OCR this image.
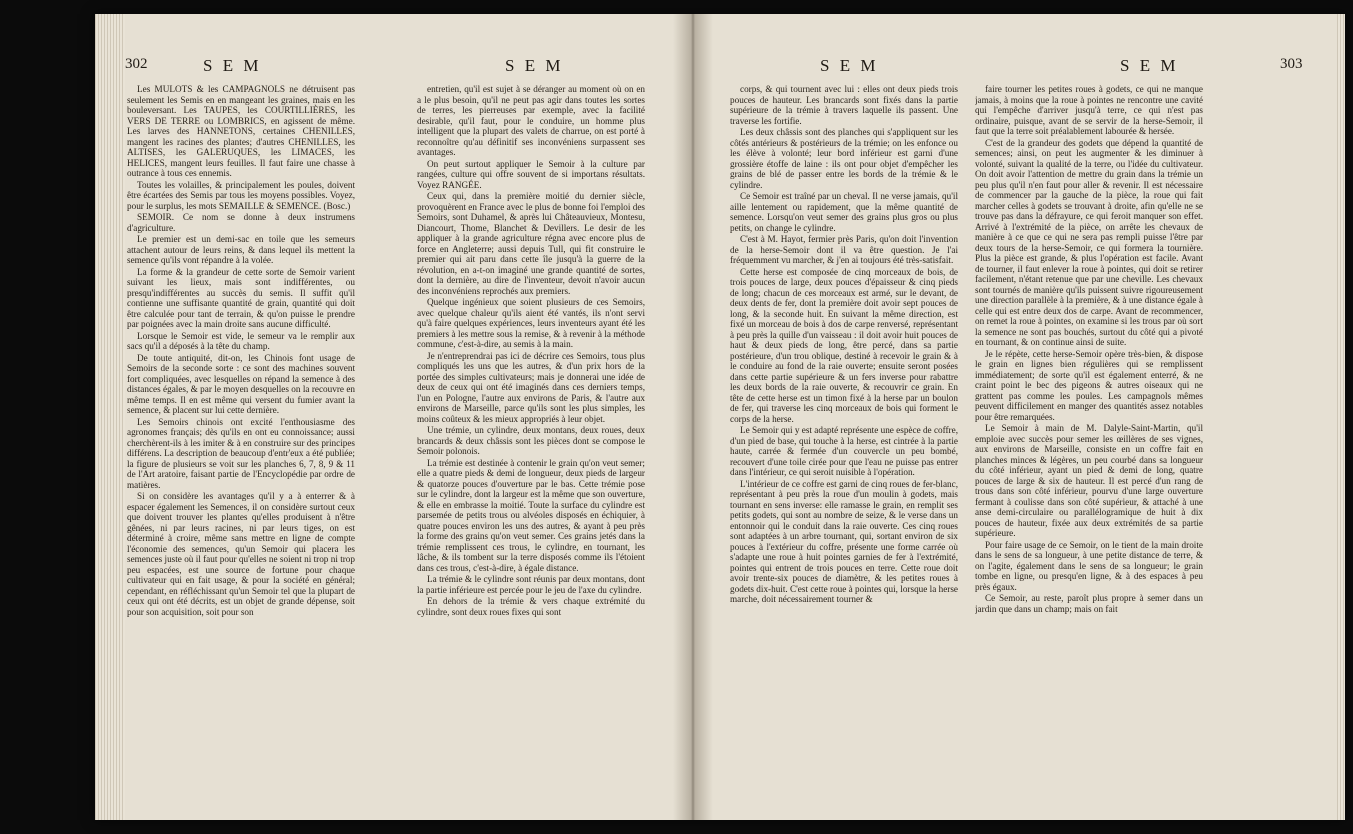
302	S E M	S E M

Les MULOTS & les CAMPAGNOLS ne détruisent pas seulement les Semis en en mangeant les graines, mais en les bouleversant. Les TAUPES, les COURTILLIÈRES, les VERS DE TERRE ou LOMBRICS, en agissent de même. Les larves des HANNETONS, certaines CHENILLES, mangent les racines des plantes; d'autres CHENILLES, les ALTISES, les GALERUQUES, les LIMACES, les HELICES, mangent leurs feuilles. Il faut faire une chasse à outrance à tous ces ennemis.

Toutes les volailles, & principalement les poules, doivent être écartées des Semis par tous les moyens possibles. Voyez, pour le surplus, les mots SEMAILLE & SEMENCE. (Bosc.)

SEMOIR. Ce nom se donne à deux instrumens d'agriculture.

Le premier est un demi-sac en toile que les semeurs attachent autour de leurs reins, & dans lequel ils mettent la semence qu'ils vont répandre à la volée.

La forme & la grandeur de cette sorte de Semoir varient suivant les lieux, mais sont indifférentes, ou presqu'indifférentes au succès du semis. Il suffit qu'il contienne une suffisante quantité de grain, quantité qui doit être calculée pour tant de terrain, & qu'on puisse le prendre par poignées avec la main droite sans aucune difficulté.

Lorsque le Semoir est vide, le semeur va le remplir aux sacs qu'il a déposés à la tête du champ.

De toute antiquité, dit-on, les Chinois font usage de Semoirs de la seconde sorte : ce sont des machines souvent fort compliquées, avec lesquelles on répand la semence à des distances égales, & par le moyen desquelles on la recouvre en même temps. Il en est même qui versent du fumier avant la semence, & placent sur lui cette dernière.

Les Semoirs chinois ont excité l'enthousiasme des agronomes français; dès qu'ils en ont eu connoissance; aussi cherchèrent-ils à les imiter & à en construire sur des principes différens. La description de beaucoup d'entr'eux a été publiée; la figure de plusieurs se voit sur les planches 6, 7, 8, 9 & 11 de l'Art aratoire, faisant partie de l'Encyclopédie par ordre de matières.

Si on considère les avantages qu'il y a à enterrer & à espacer également les Semences, il on considère surtout ceux que doivent trouver les plantes qu'elles produisent à n'être gênées, ni par leurs racines, ni par leurs tiges, on est déterminé à croire, même sans mettre en ligne de compte l'économie des semences, qu'un Semoir qui placera les semences juste où il faut pour qu'elles ne soient ni trop ni trop peu espacées, est une source de fortune pour chaque cultivateur qui en fait usage, & pour la société en général; cependant, en réfléchissant qu'un Semoir tel que la plupart de ceux qui ont été décrits, est un objet de grande dépense, soit pour son acquisition, soit pour son

entretien, qu'il est sujet à se déranger au moment où on en a le plus besoin, qu'il ne peut pas agir dans toutes les sortes de terres, les pierreuses par exemple, avec la facilité desirable, qu'il faut, pour le conduire, un homme plus intelligent que la plupart des valets de charrue, on est porté à reconnoître qu'au définitif ses inconvéniens surpassent ses avantages.

On peut surtout appliquer le Semoir à la culture par rangées, culture qui offre souvent de si importans résultats. Voyez RANGÉE.

Ceux qui, dans la première moitié du dernier siècle, provoquèrent en France avec le plus de bonne foi l'emploi des Semoirs, sont Duhamel, & après lui Châteauvieux, Montesu, Diancourt, Thome, Blanchet & Devillers. Le desir de les appliquer à la grande agriculture régna avec encore plus de force en Angleterre; aussi depuis Tull, qui fit construire le premier qui ait paru dans cette île jusqu'à la guerre de la révolution, en a-t-on imaginé une grande quantité de sortes, dont la dernière, au dire de l'inventeur, devoit n'avoir aucun des inconvéniens reprochés aux premiers.

Quelque ingénieux que soient plusieurs de ces Semoirs, avec quelque chaleur qu'ils aient été vantés, ils n'ont servi qu'à faire quelques expériences, leurs inventeurs ayant été les premiers à les mettre sous la remise, & à revenir à la méthode commune, c'est-à-dire, au semis à la main.

Je n'entreprendrai pas ici de décrire ces Semoirs, tous plus compliqués les uns que les autres, & d'un prix hors de la portée des simples cultivateurs; mais je donnerai une idée de deux de ceux qui ont été imaginés dans ces derniers temps, l'un en Pologne, l'autre aux environs de Paris, & l'autre aux environs de Marseille, parce qu'ils sont les plus simples, les moins coûteux & les mieux appropriés à leur objet.

Une trémie, un cylindre, deux montans, deux roues, deux brancards & deux châssis sont les pièces dont se compose le Semoir polonois.

La trémie est destinée à contenir le grain qu'on veut semer; elle a quatre pieds & demi de longueur, deux pieds de largeur & quatorze pouces d'ouverture par le bas. Cette trémie pose sur le cylindre, dont la largeur est la même que son ouverture, & elle en embrasse la moitié. Toute la surface du cylindre est parsemée de petits trous ou alvéoles disposés en échiquier, à quatre pouces environ les uns des autres, & ayant à peu près la forme des grains qu'on veut semer. Ces grains jetés dans la trémie remplissent ces trous, le cylindre, en tournant, les lâche, & ils tombent sur la terre disposés comme ils l'étoient dans ces trous, c'est-à-dire, à égale distance.

La trémie & le cylindre sont réunis par deux montans, dont la partie inférieure est percée pour le jeu de l'axe du cylindre.

En dehors de la trémie & vers chaque extrémité du cylindre, sont deux roues fixes qui sont

S E M	S E M	303

corps, & qui tournent avec lui : elles ont deux pieds trois pouces de hauteur. Les brancards sont fixés dans la partie supérieure de la trémie à travers laquelle ils passent. Une traverse les fortifie.

Les deux châssis sont des planches qui s'appliquent sur les côtés antérieurs & postérieurs de la trémie; on les enfonce ou les élève à volonté; leur bord inférieur est garni d'une grossière étoffe de laine : ils ont pour objet d'empêcher les grains de blé de passer entre les bords de la trémie & le cylindre.

Ce Semoir est traîné par un cheval. Il ne verse jamais, qu'il aille lentement ou rapidement, que la même quantité de semence. Lorsqu'on veut semer des grains plus gros ou plus petits, on change le cylindre.

C'est à M. Hayot, fermier près Paris, qu'on doit l'invention de la herse-Semoir dont il va être question. Je l'ai fréquemment vu marcher, & j'en ai toujours été très-satisfait.

Cette herse est composée de cinq morceaux de bois, de trois pouces de large, deux pouces d'épaisseur & cinq pieds de long; chacun de ces morceaux est armé, sur le devant, de deux dents de fer, dont la première doit avoir sept pouces de long, & la seconde huit. En suivant la même direction, est fixé un morceau de bois à dos de carpe renversé, représentant à peu près la quille d'un vaisseau : il doit avoir huit pouces de haut & deux pieds de long, être percé, dans sa partie postérieure, d'un trou oblique, destiné à recevoir le grain & à le conduire au fond de la raie ouverte; ensuite seront posées dans cette partie supérieure & un fers inverse pour rabattre les deux bords de la raie ouverte, & recouvrir ce grain. En tête de cette herse est un timon fixé à la herse par un boulon de fer, qui traverse les cinq morceaux de bois qui forment le corps de la herse.

Le Semoir qui y est adapté représente une espèce de coffre, d'un pied de base, qui touche à la herse, est cintrée à la partie haute, carrée & fermée d'un couvercle un peu bombé, recouvert d'une toile cirée pour que l'eau ne puisse pas entrer dans l'intérieur, ce qui seroit nuisible à l'opération.

L'intérieur de ce coffre est garni de cinq roues de fer-blanc, représentant à peu près la roue d'un moulin à godets, mais tournant en sens inverse: elle ramasse le grain, en remplit ses petits godets, qui sont au nombre de seize, & le verse dans un entonnoir qui le conduit dans la raie ouverte. Ces cinq roues sont adaptées à un arbre tournant, qui, sortant environ de six pouces à l'extérieur du coffre, présente une forme carrée où s'adapte une roue à huit pointes garnies de fer à l'extrémité, pointes qui entrent de trois pouces en terre. Cette roue doit avoir trente-six pouces de diamètre, & les petites roues à godets dix-huit. C'est cette roue à pointes qui, lorsque la herse marche, doit nécessairement tourner &

faire tourner les petites roues à godets, ce qui ne manque jamais, à moins que la roue à pointes ne rencontre une cavité qui l'empêche d'arriver jusqu'à terre, ce qui n'est pas ordinaire, puisque, avant de se servir de la herse-Semoir, il faut que la terre soit préalablement labourée & hersée.

C'est de la grandeur des godets que dépend la quantité de semences; ainsi, on peut les augmenter & les diminuer à volonté, suivant la qualité de la terre, ou l'idée du cultivateur. On doit avoir l'attention de mettre du grain dans la trémie un peu plus qu'il n'en faut pour aller & revenir. Il est nécessaire de commencer par la gauche de la pièce, la roue qui fait marcher celles à godets se trouvant à droite, afin qu'elle ne se trouve pas dans la défrayure, ce qui feroit manquer son effet. Arrivé à l'extrémité de la pièce, on arrête les chevaux de manière à ce que ce qui ne sera pas rempli puisse l'être par deux tours de la herse-Semoir, ce qui formera la tournière. Plus la pièce est grande, & plus l'opération est facile. Avant de tourner, il faut enlever la roue à pointes, qui doit se retirer facilement, n'étant retenue que par une cheville. Les chevaux sont tournés de manière qu'ils puissent suivre rigoureusement une direction parallèle à la première, & à une distance égale à celle qui est entre deux dos de carpe. Avant de recommencer, on remet la roue à pointes, on examine si les trous par où sort la semence ne sont pas bouchés, surtout du côté qui a pivoté en tournant, & on continue ainsi de suite.

Je le répète, cette herse-Semoir opère très-bien, & dispose le grain en lignes bien régulières qui se remplissent immédiatement; de sorte qu'il est également enterré, & ne craint point le bec des pigeons & autres oiseaux qui ne grattent pas comme les poules. Les campagnols mêmes peuvent difficilement en manger des quantités assez notables pour être remarquées.

Le Semoir à main de M. Dalyle-Saint-Martin, qu'il emploie avec succès pour semer les œillères de ses vignes, aux environs de Marseille, consiste en un coffre fait en planches minces & légères, un peu courbé dans sa longueur du côté inférieur, ayant un pied & demi de long, quatre pouces de large & six de hauteur. Il est percé d'un rang de trous dans son côté inférieur, pourvu d'une large ouverture fermant à coulisse dans son côté supérieur, & attaché à une anse demi-circulaire ou parallélogramique de huit à dix pouces de hauteur, fixée aux deux extrémités de sa partie supérieure.

Pour faire usage de ce Semoir, on le tient de la main droite dans le sens de sa longueur, à une petite distance de terre, & on l'agite, également dans le sens de sa longueur; le grain tombe en ligne, ou presqu'en ligne, & à des espaces à peu près égaux.

Ce Semoir, au reste, paroît plus propre à semer dans un jardin que dans un champ; mais on fait
